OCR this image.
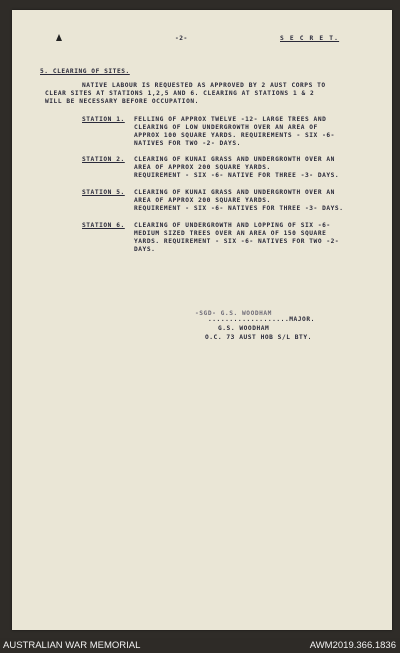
-2-	S E C R E T.
5. CLEARING OF SITES.
NATIVE LABOUR IS REQUESTED AS APPROVED BY 2 AUST CORPS TO
CLEAR SITES AT STATIONS 1,2,5 AND 6. CLEARING AT STATIONS 1 & 2
WILL BE NECESSARY BEFORE OCCUPATION.
STATION 1. FELLING OF APPROX TWELVE -12- LARGE TREES AND
CLEARING OF LOW UNDERGROWTH OVER AN AREA OF
APPROX 100 SQUARE YARDS. REQUIREMENTS - SIX -6-
NATIVES FOR TWO -2- DAYS.
STATION 2. CLEARING OF KUNAI GRASS AND UNDERGROWTH OVER AN
AREA OF APPROX 200 SQUARE YARDS.
REQUIREMENT - SIX -6- NATIVE FOR THREE -3- DAYS.
STATION 5. CLEARING OF KUNAI GRASS AND UNDERGROWTH OVER AN
AREA OF APPROX 200 SQUARE YARDS.
REQUIREMENT - SIX -6- NATIVES FOR THREE -3- DAYS.
STATION 6. CLEARING OF UNDERGROWTH AND LOPPING OF SIX -6-
MEDIUM SIZED TREES OVER AN AREA OF 150 SQUARE
YARDS. REQUIREMENT - SIX -6- NATIVES FOR TWO -2-
DAYS.
-SGD- G.S. WOODHAM
...................MAJOR.
G.S. WOODHAM
O.C. 73 AUST HOB S/L BTY.
AUSTRALIAN WAR MEMORIAL	AWM2019.366.1836
